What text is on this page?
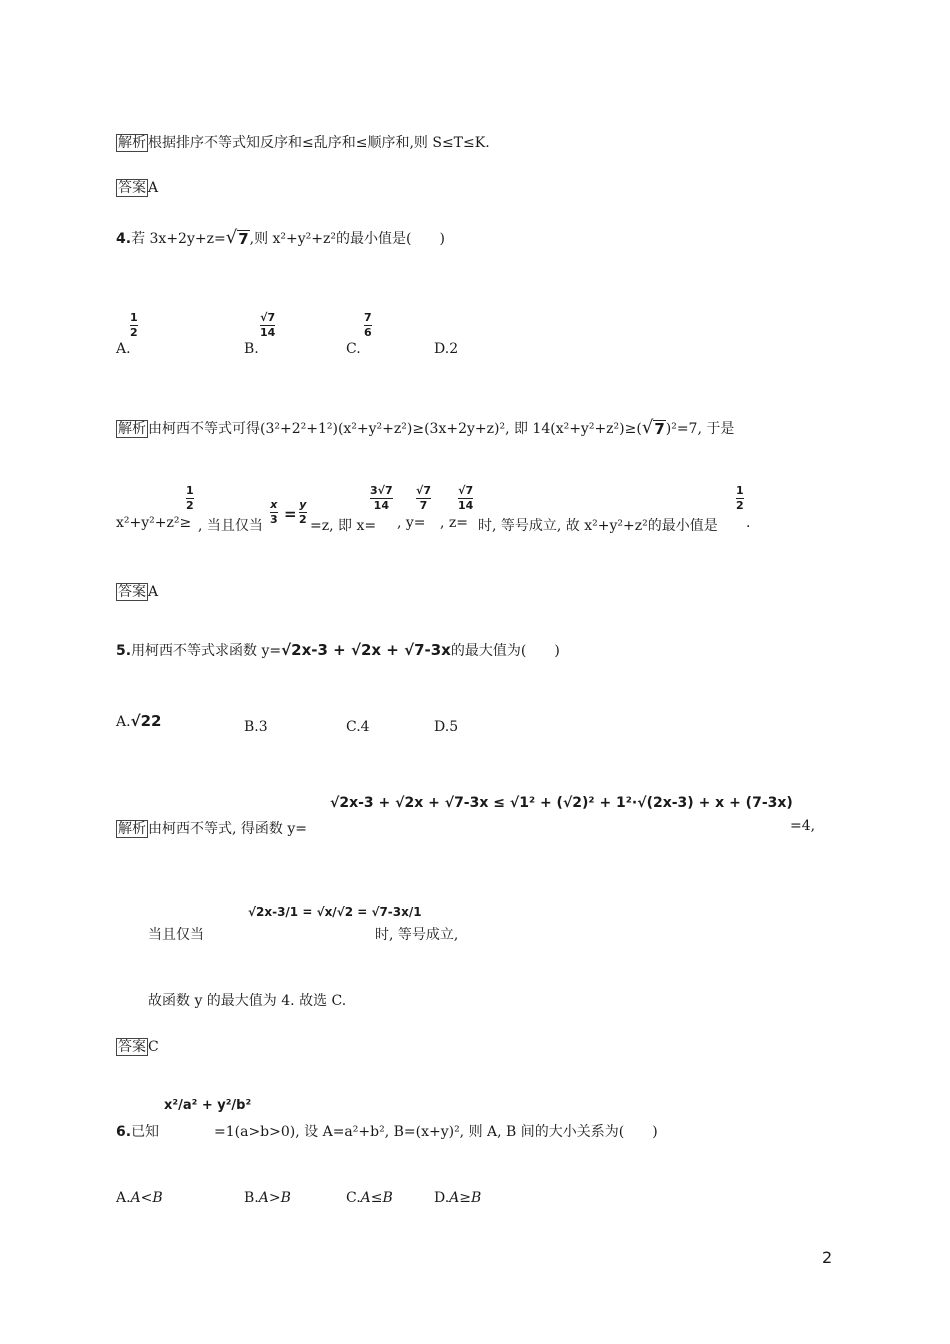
解析 根据排序不等式知反序和≤乱序和≤顺序和,则 S≤T≤K.
答案 A
4.若 3x+2y+z= √ 7 ,则 x²+y²+z²的最小值是(　　)
1
2
A.
√7
14
B.
7
6
C.	D.2
解析 由柯西不等式可得(3²+2²+1²)(x²+y²+z²)≥(3x+2y+z)², 即 14(x²+y²+z²)≥( √ 7 )²=7, 于是
x²+y²+z²≥
1
2
, 当且仅当
x
3 =
y
2 =z, 即 x=
3√7
14
, y=
√7
7
, z=
√7
14
时, 等号成立, 故 x²+y²+z²的最小值是
1
2
.
答案 A
5.用柯西不等式求函数 y=√2x-3 + √2x + √7-3x的最大值为(　　)
A.√22	B.3	C.4	D.5
解析 由柯西不等式, 得函数 y=
√2x-3 + √2x + √7-3x ≤ √1² + (√2)² + 1²·√(2x-3) + x + (7-3x)
=4,
当且仅当
√2x-3/1 = √x/√2 = √7-3x/1
时, 等号成立,
故函数 y 的最大值为 4. 故选 C.
答案 C
6.已知
x²/a² + y²/b²
=1(a>b>0), 设 A=a²+b², B=(x+y)², 则 A, B 间的大小关系为(　　)
A.A<B	B.A>B	C.A≤B	D.A≥B
2
